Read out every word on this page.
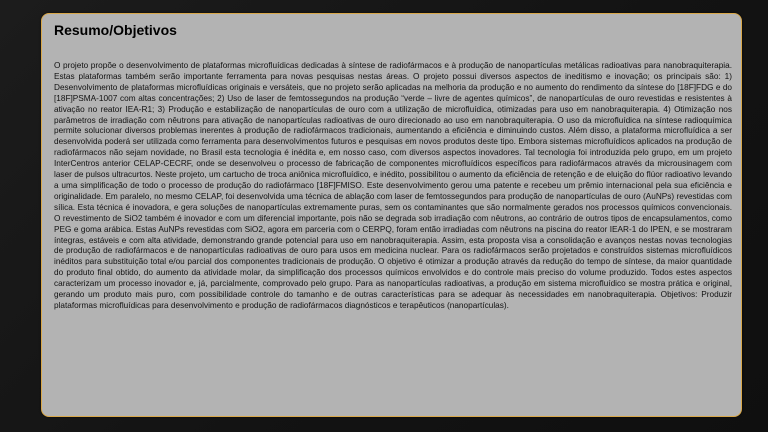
Resumo/Objetivos

O projeto propõe o desenvolvimento de plataformas microfluídicas dedicadas à síntese de radiofármacos e à produção de nanopartículas metálicas radioativas para nanobraquiterapia. Estas plataformas também serão importante ferramenta para novas pesquisas nestas áreas. O projeto possui diversos aspectos de ineditismo e inovação; os principais são: 1) Desenvolvimento de plataformas microfluídicas originais e versáteis, que no projeto serão aplicadas na melhoria da produção e no aumento do rendimento da síntese do [18F]FDG e do [18F]PSMA-1007 com altas concentrações; 2) Uso de laser de femtossegundos na produção “verde – livre de agentes químicos”, de nanopartículas de ouro revestidas e resistentes à ativação no reator IEA-R1; 3) Produção e estabilização de nanopartículas de ouro com a utilização de microfluídica, otimizadas para uso em nanobraquiterapia. 4) Otimização nos parâmetros de irradiação com nêutrons para ativação de nanopartículas radioativas de ouro direcionado ao uso em nanobraquiterapia. O uso da microfluídica na síntese radioquímica permite solucionar diversos problemas inerentes à produção de radiofármacos tradicionais, aumentando a eficiência e diminuindo custos. Além disso, a plataforma microfluídica a ser desenvolvida poderá ser utilizada como ferramenta para desenvolvimentos futuros e pesquisas em novos produtos deste tipo. Embora sistemas microfluídicos aplicados na produção de radiofármacos não sejam novidade, no Brasil esta tecnologia é inédita e, em nosso caso, com diversos aspectos inovadores. Tal tecnologia foi introduzida pelo grupo, em um projeto InterCentros anterior CELAP-CECRF, onde se desenvolveu o processo de fabricação de componentes microfluídicos específicos para radiofármacos através da microusinagem com laser de pulsos ultracurtos. Neste projeto, um cartucho de troca aniônica microfluídico, e inédito, possibilitou o aumento da eficiência de retenção e de eluição do flúor radioativo levando a uma simplificação de todo o processo de produção do radiofármaco [18F]FMISO. Este desenvolvimento gerou uma patente e recebeu um prêmio internacional pela sua eficiência e originalidade. Em paralelo, no mesmo CELAP, foi desenvolvida uma técnica de ablação com laser de femtossegundos para produção de nanopartículas de ouro (AuNPs) revestidas com sílica. Esta técnica é inovadora, e gera soluções de nanopartículas extremamente puras, sem os contaminantes que são normalmente gerados nos processos químicos convencionais. O revestimento de SiO2 também é inovador e com um diferencial importante, pois não se degrada sob irradiação com nêutrons, ao contrário de outros tipos de encapsulamentos, como PEG e goma arábica. Estas AuNPs revestidas com SiO2, agora em parceria com o CERPQ, foram então irradiadas com nêutrons na piscina do reator IEAR-1 do IPEN, e se mostraram íntegras, estáveis e com alta atividade, demonstrando grande potencial para uso em nanobraquiterapia. Assim, esta proposta visa a consolidação e avanços nestas novas tecnologias de produção de radiofármacos e de nanopartículas radioativas de ouro para usos em medicina nuclear. Para os radiofármacos serão projetados e construídos sistemas microfluídicos inéditos para substituição total e/ou parcial dos componentes tradicionais de produção. O objetivo é otimizar a produção através da redução do tempo de síntese, da maior quantidade do produto final obtido, do aumento da atividade molar, da simplificação dos processos químicos envolvidos e do controle mais preciso do volume produzido. Todos estes aspectos caracterizam um processo inovador e, já, parcialmente, comprovado pelo grupo. Para as nanopartículas radioativas, a produção em sistema microfluídico se mostra prática e original, gerando um produto mais puro, com possibilidade controle do tamanho e de outras características para se adequar às necessidades em nanobraquiterapia. Objetivos: Produzir plataformas microfluídicas para desenvolvimento e produção de radiofármacos diagnósticos e terapêuticos (nanopartículas).
